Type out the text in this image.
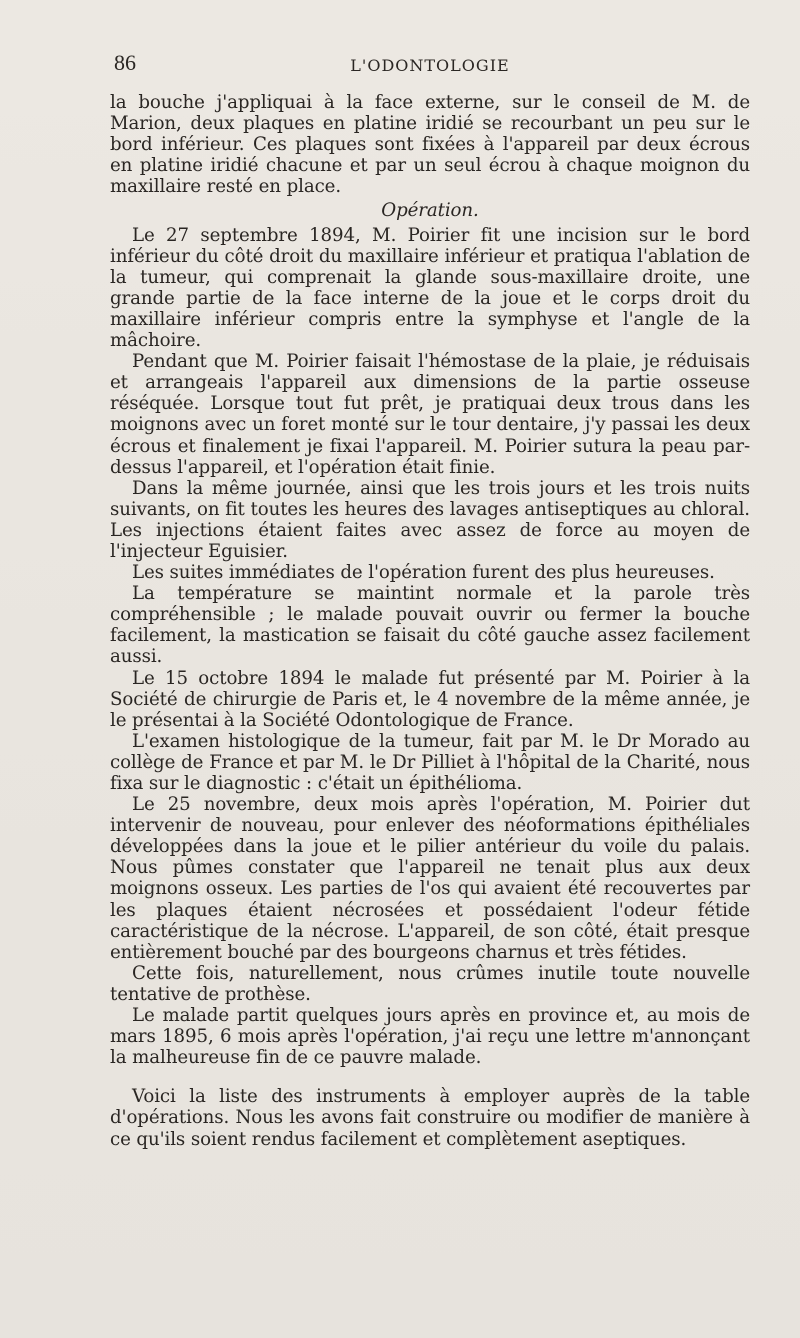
86	L'ODONTOLOGIE

la bouche j'appliquai à la face externe, sur le conseil de M. de Marion, deux plaques en platine iridié se recourbant un peu sur le bord inférieur. Ces plaques sont fixées à l'appareil par deux écrous en platine iridié chacune et par un seul écrou à chaque moignon du maxillaire resté en place.

Opération.

Le 27 septembre 1894, M. Poirier fit une incision sur le bord inférieur du côté droit du maxillaire inférieur et pratiqua l'ablation de la tumeur, qui comprenait la glande sous-maxillaire droite, une grande partie de la face interne de la joue et le corps droit du maxillaire inférieur compris entre la symphyse et l'angle de la mâchoire.

Pendant que M. Poirier faisait l'hémostase de la plaie, je réduisais et arrangeais l'appareil aux dimensions de la partie osseuse réséquée. Lorsque tout fut prêt, je pratiquai deux trous dans les moignons avec un foret monté sur le tour dentaire, j'y passai les deux écrous et finalement je fixai l'appareil. M. Poirier sutura la peau par-dessus l'appareil, et l'opération était finie.

Dans la même journée, ainsi que les trois jours et les trois nuits suivants, on fit toutes les heures des lavages antiseptiques au chloral. Les injections étaient faites avec assez de force au moyen de l'injecteur Eguisier.

Les suites immédiates de l'opération furent des plus heureuses.

La température se maintint normale et la parole très compréhensible ; le malade pouvait ouvrir ou fermer la bouche facilement, la mastication se faisait du côté gauche assez facilement aussi.

Le 15 octobre 1894 le malade fut présenté par M. Poirier à la Société de chirurgie de Paris et, le 4 novembre de la même année, je le présentai à la Société Odontologique de France.

L'examen histologique de la tumeur, fait par M. le Dr Morado au collège de France et par M. le Dr Pilliet à l'hôpital de la Charité, nous fixa sur le diagnostic : c'était un épithélioma.

Le 25 novembre, deux mois après l'opération, M. Poirier dut intervenir de nouveau, pour enlever des néoformations épithéliales développées dans la joue et le pilier antérieur du voile du palais. Nous pûmes constater que l'appareil ne tenait plus aux deux moignons osseux. Les parties de l'os qui avaient été recouvertes par les plaques étaient nécrosées et possédaient l'odeur fétide caractéristique de la nécrose. L'appareil, de son côté, était presque entièrement bouché par des bourgeons charnus et très fétides.

Cette fois, naturellement, nous crûmes inutile toute nouvelle tentative de prothèse.

Le malade partit quelques jours après en province et, au mois de mars 1895, 6 mois après l'opération, j'ai reçu une lettre m'annonçant la malheureuse fin de ce pauvre malade.

Voici la liste des instruments à employer auprès de la table d'opérations. Nous les avons fait construire ou modifier de manière à ce qu'ils soient rendus facilement et complètement aseptiques.
